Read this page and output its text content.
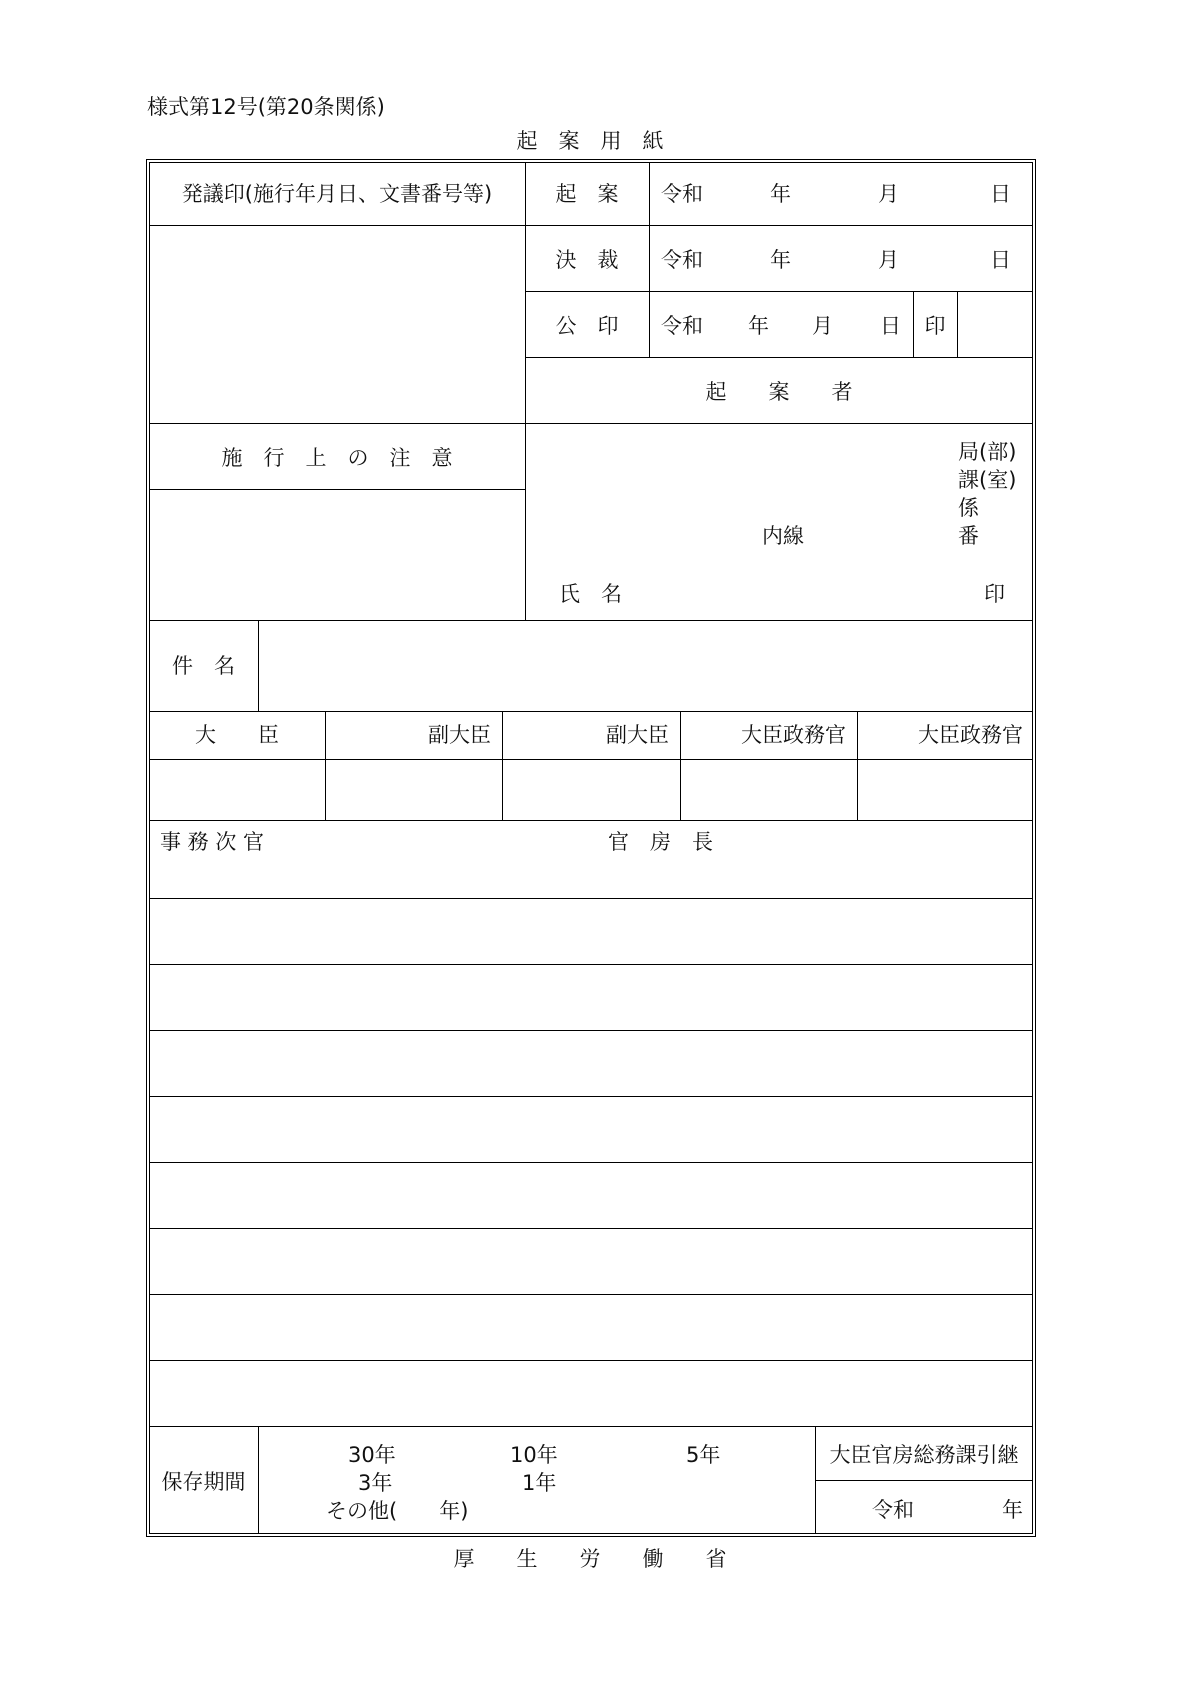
様式第12号(第20条関係)
起　案　用　紙
発議印(施行年月日、文書番号等)	起　案	令和	年	月	日
決　裁	令和	年	月	日
公　印	令和 年 月 日	印
起　　案　　者
施　行　上　の　注　意	局(部)
課(室)
係
内線	番
氏　名	印
件　名
大　　臣	副大臣	副大臣	大臣政務官	大臣政務官
事 務 次 官	官　房　長
保存期間
30年	10年	5年
3年	1年
その他(　　年)
大臣官房総務課引継
令和	年
厚　　生　　労　　働　　省
